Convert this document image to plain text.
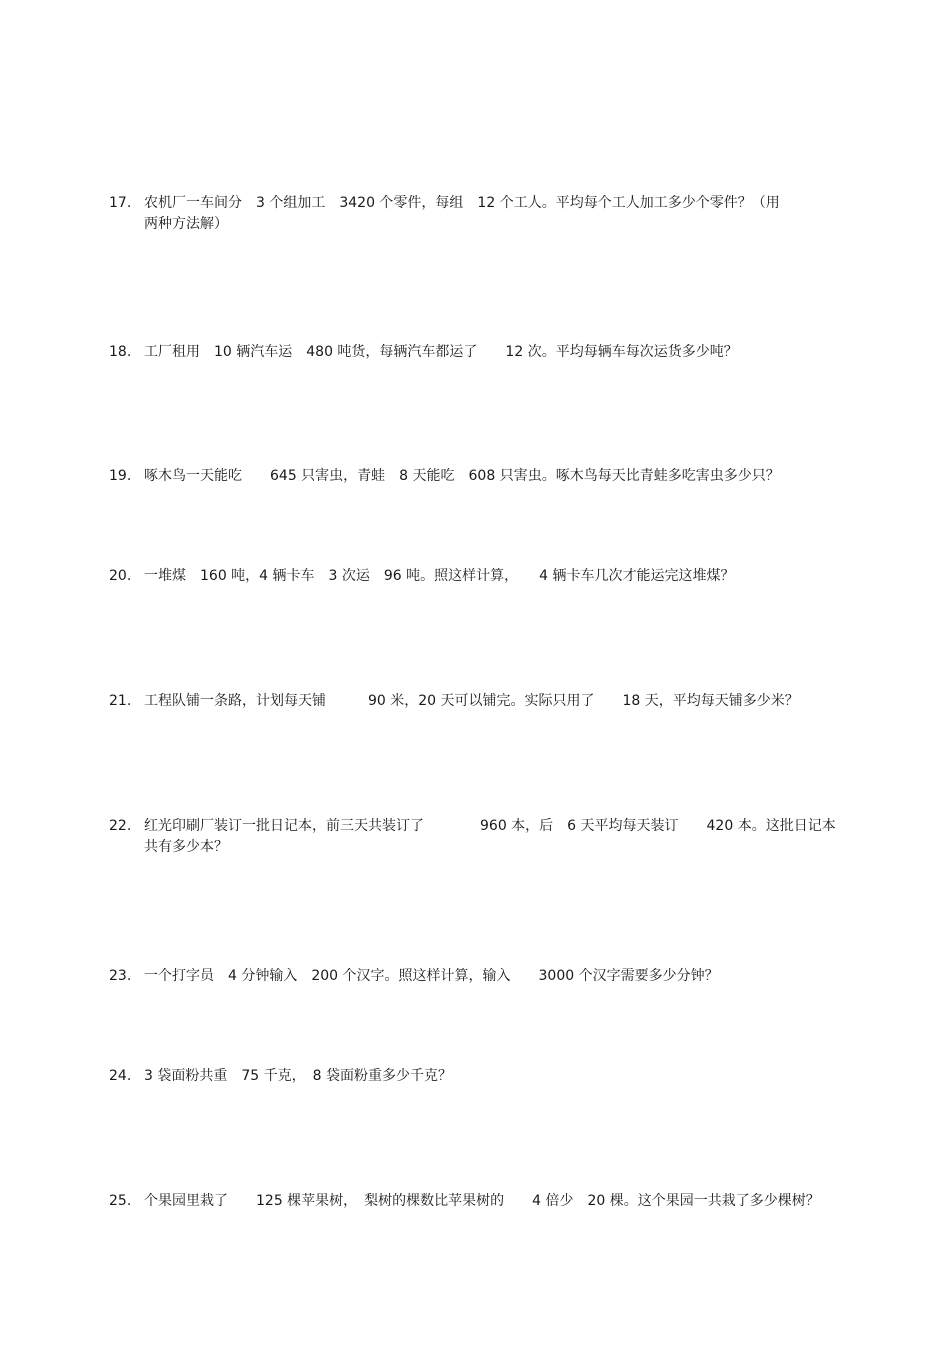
17. 农机厂一车间分　3 个组加工　3420 个零件，每组　12 个工人。平均每个工人加工多少个零件？（用
两种方法解）
18. 工厂租用　10 辆汽车运　480 吨货，每辆汽车都运了　　12 次。平均每辆车每次运货多少吨？
19. 啄木鸟一天能吃　　645 只害虫，青蛙　8 天能吃　608 只害虫。啄木鸟每天比青蛙多吃害虫多少只？
20. 一堆煤　160 吨，4 辆卡车　3 次运　96 吨。照这样计算，　　4 辆卡车几次才能运完这堆煤？
21. 工程队铺一条路，计划每天铺　　　90 米，20 天可以铺完。实际只用了　　18 天，平均每天铺多少米？
22. 红光印刷厂装订一批日记本，前三天共装订了　　　　960 本，后　6 天平均每天装订　　420 本。这批日记本
共有多少本？
23. 一个打字员　4 分钟输入　200 个汉字。照这样计算，输入　　3000 个汉字需要多少分钟？
24. 3 袋面粉共重　75 千克，　8 袋面粉重多少千克？
25. 个果园里栽了　　125 棵苹果树，　梨树的棵数比苹果树的　　4 倍少　20 棵。这个果园一共栽了多少棵树？
